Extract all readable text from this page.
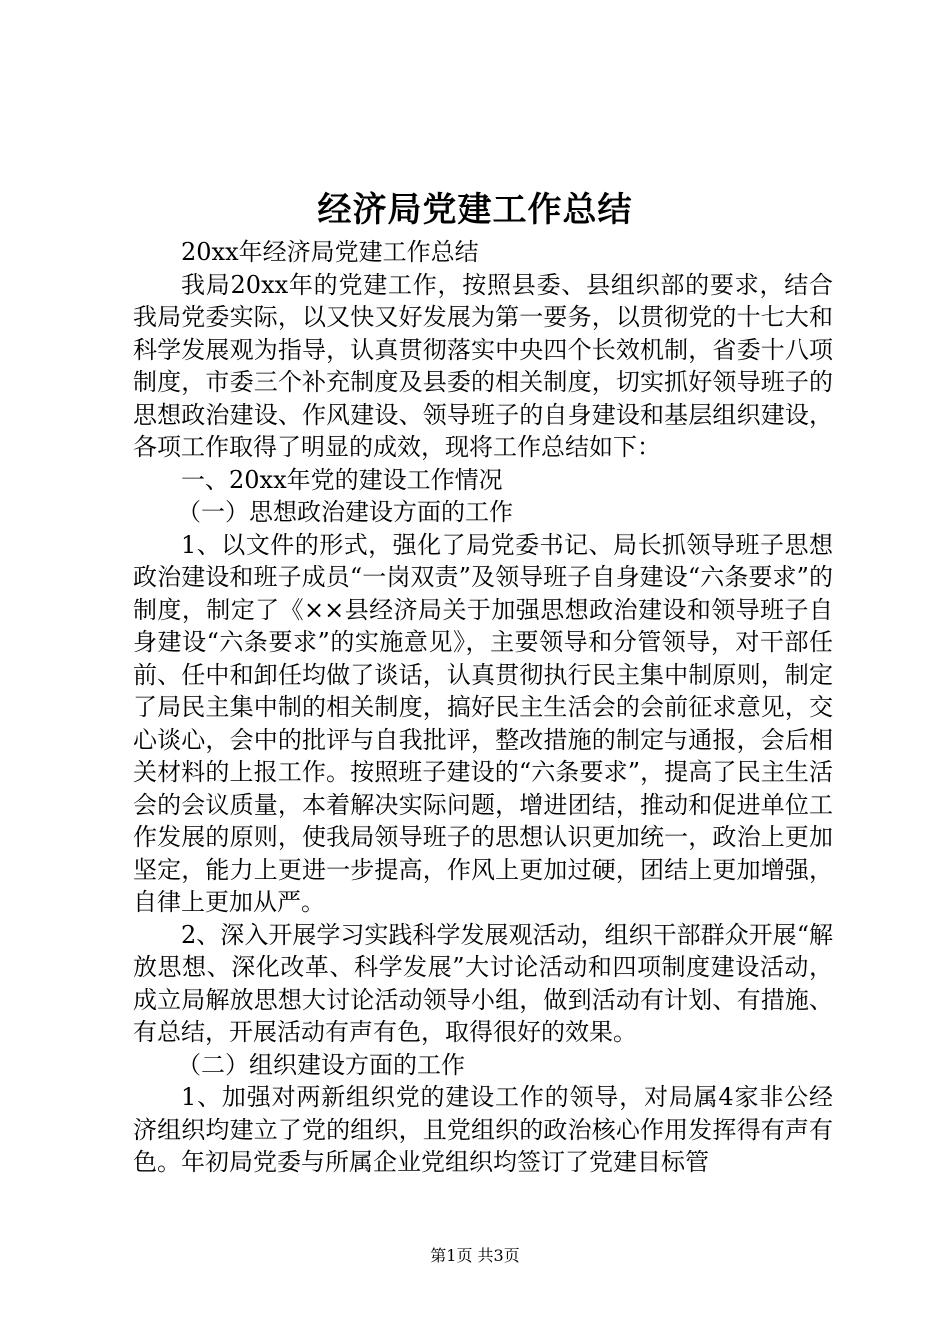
经济局党建工作总结

20xx年经济局党建工作总结

我局20xx年的党建工作，按照县委、县组织部的要求，结合我局党委实际，以又快又好发展为第一要务，以贯彻党的十七大和科学发展观为指导，认真贯彻落实中央四个长效机制，省委十八项制度，市委三个补充制度及县委的相关制度，切实抓好领导班子的思想政治建设、作风建设、领导班子的自身建设和基层组织建设，各项工作取得了明显的成效，现将工作总结如下：

一、20xx年党的建设工作情况

（一）思想政治建设方面的工作

1、以文件的形式，强化了局党委书记、局长抓领导班子思想政治建设和班子成员“一岗双责”及领导班子自身建设“六条要求”的制度，制定了《××县经济局关于加强思想政治建设和领导班子自身建设“六条要求”的实施意见》，主要领导和分管领导，对干部任前、任中和卸任均做了谈话，认真贯彻执行民主集中制原则，制定了局民主集中制的相关制度，搞好民主生活会的会前征求意见，交心谈心，会中的批评与自我批评，整改措施的制定与通报，会后相关材料的上报工作。按照班子建设的“六条要求”，提高了民主生活会的会议质量，本着解决实际问题，增进团结，推动和促进单位工作发展的原则，使我局领导班子的思想认识更加统一，政治上更加坚定，能力上更进一步提高，作风上更加过硬，团结上更加增强，自律上更加从严。

2、深入开展学习实践科学发展观活动，组织干部群众开展“解放思想、深化改革、科学发展”大讨论活动和四项制度建设活动，成立局解放思想大讨论活动领导小组，做到活动有计划、有措施、有总结，开展活动有声有色，取得很好的效果。

（二）组织建设方面的工作

1、加强对两新组织党的建设工作的领导，对局属4家非公经济组织均建立了党的组织，且党组织的政治核心作用发挥得有声有色。年初局党委与所属企业党组织均签订了党建目标管

第1页 共3页
